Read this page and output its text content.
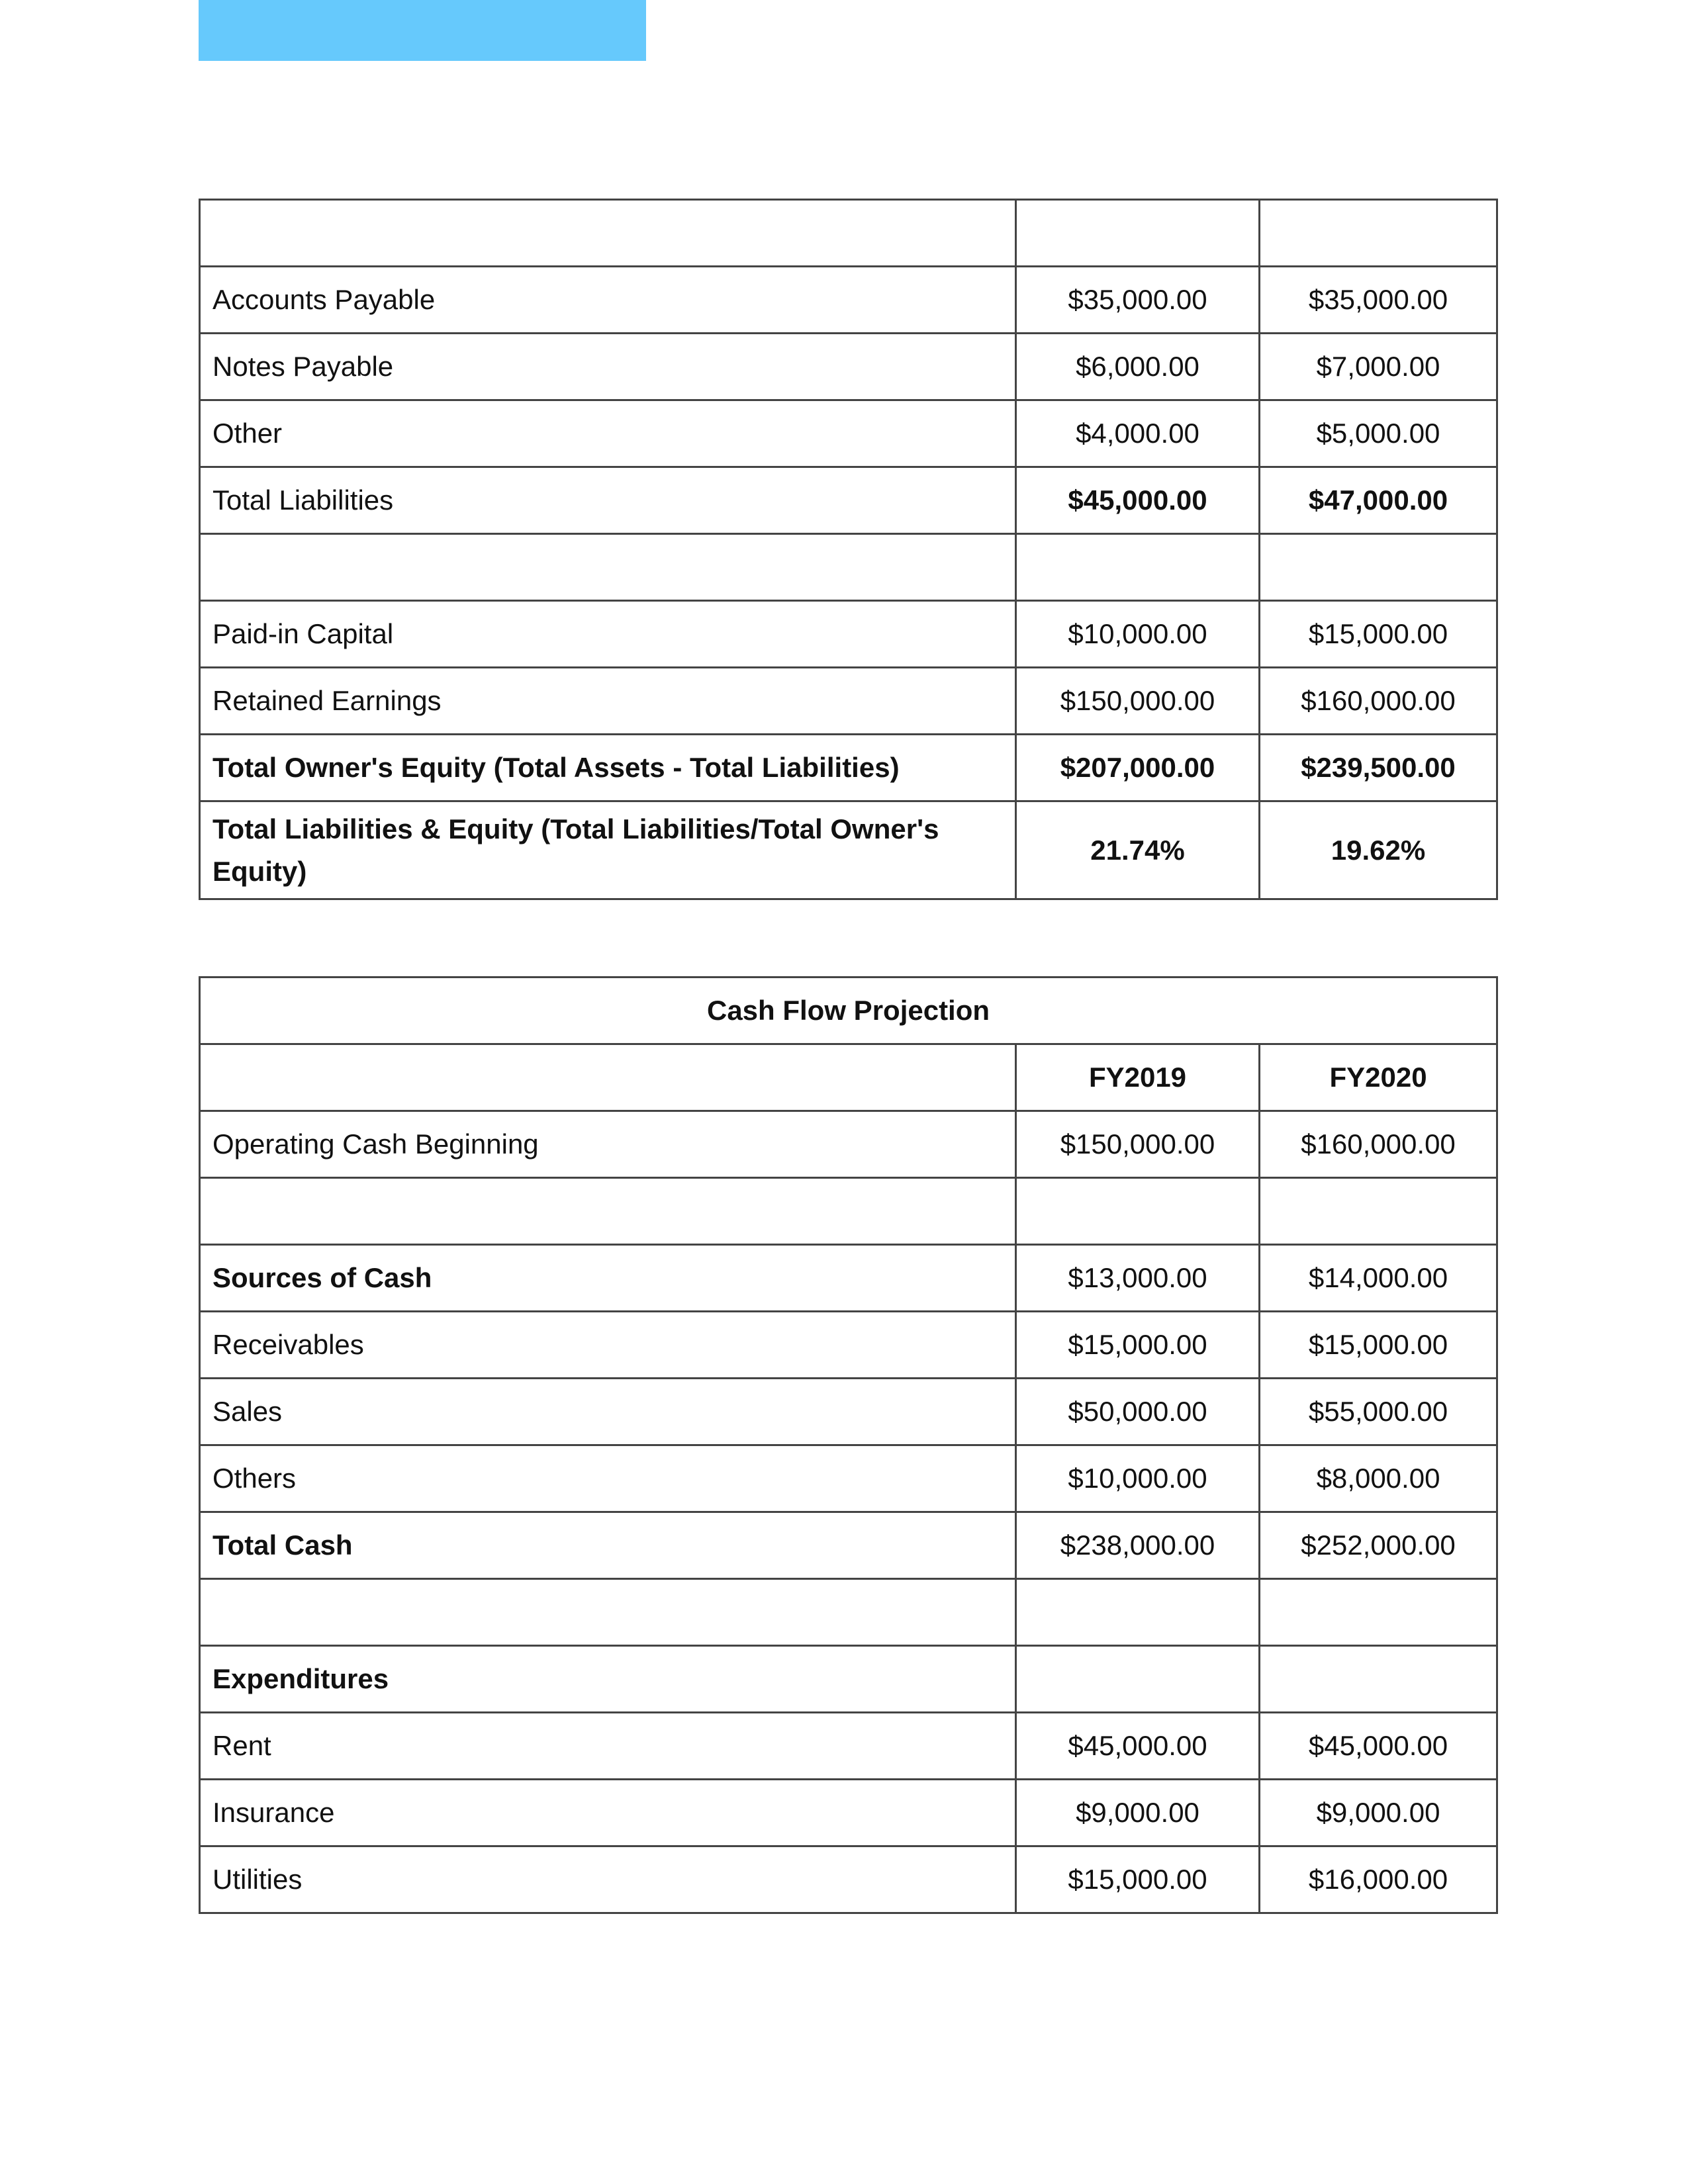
Accounts Payable	$35,000.00	$35,000.00
Notes Payable	$6,000.00	$7,000.00
Other	$4,000.00	$5,000.00
Total Liabilities	$45,000.00	$47,000.00

Paid-in Capital	$10,000.00	$15,000.00
Retained Earnings	$150,000.00	$160,000.00
Total Owner's Equity (Total Assets - Total Liabilities)	$207,000.00	$239,500.00
Total Liabilities & Equity (Total Liabilities/Total Owner's Equity)	21.74%	19.62%
Cash Flow Projection		
	FY2019	FY2020
Operating Cash Beginning	$150,000.00	$160,000.00

Sources of Cash	$13,000.00	$14,000.00
Receivables	$15,000.00	$15,000.00
Sales	$50,000.00	$55,000.00
Others	$10,000.00	$8,000.00
Total Cash	$238,000.00	$252,000.00

Expenditures		
Rent	$45,000.00	$45,000.00
Insurance	$9,000.00	$9,000.00
Utilities	$15,000.00	$16,000.00
